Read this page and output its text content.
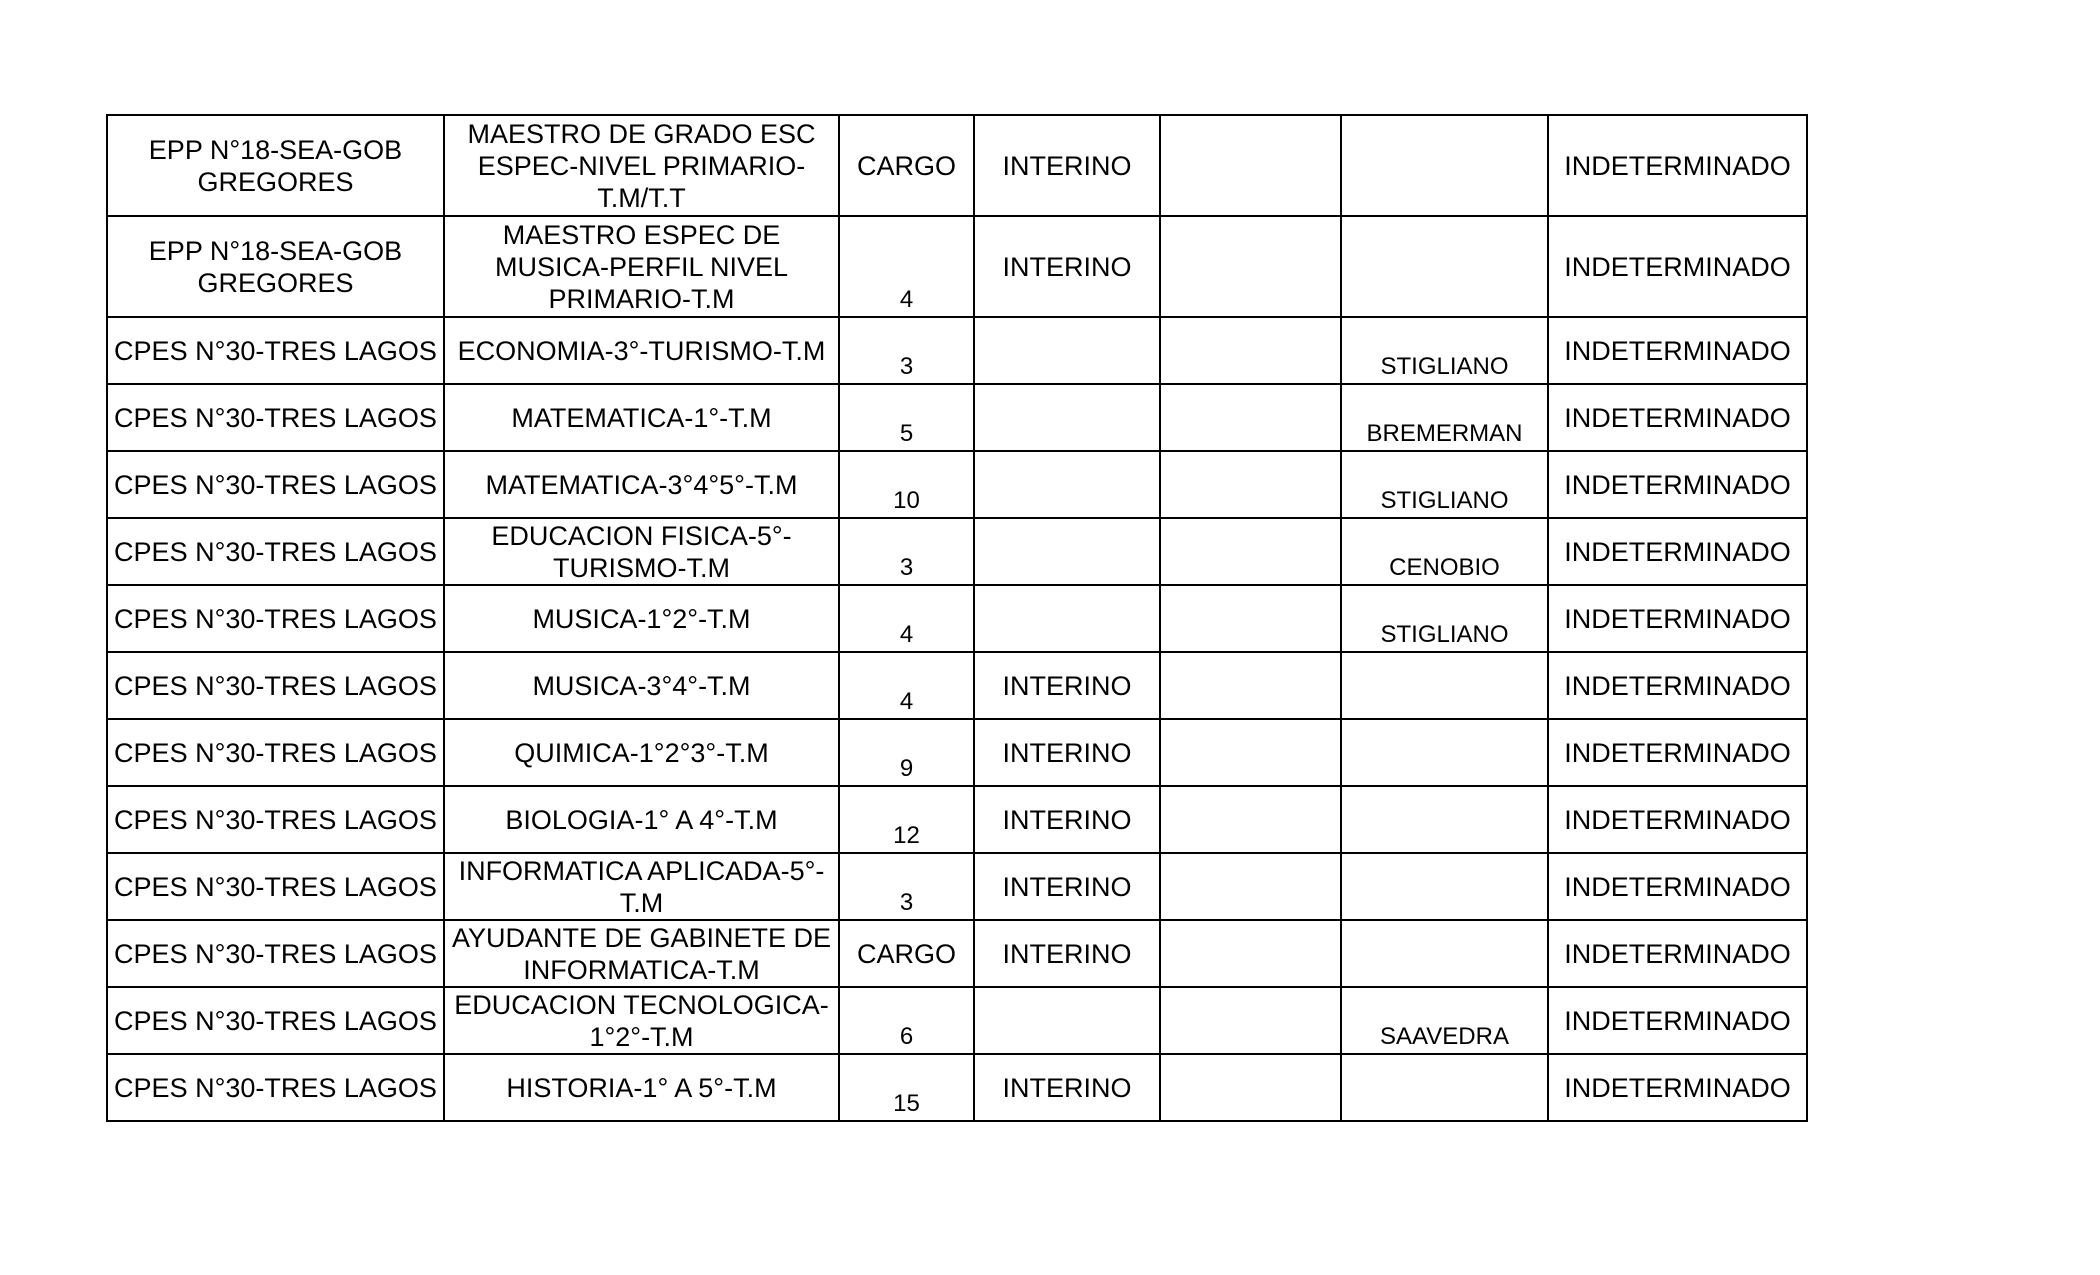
EPP N°18-SEA-GOB GREGORES	MAESTRO DE GRADO ESC ESPEC-NIVEL PRIMARIO-T.M/T.T	CARGO	INTERINO			INDETERMINADO
EPP N°18-SEA-GOB GREGORES	MAESTRO ESPEC DE MUSICA-PERFIL NIVEL PRIMARIO-T.M	4	INTERINO			INDETERMINADO
CPES N°30-TRES LAGOS	ECONOMIA-3°-TURISMO-T.M	3			STIGLIANO	INDETERMINADO
CPES N°30-TRES LAGOS	MATEMATICA-1°-T.M	5			BREMERMAN	INDETERMINADO
CPES N°30-TRES LAGOS	MATEMATICA-3°4°5°-T.M	10			STIGLIANO	INDETERMINADO
CPES N°30-TRES LAGOS	EDUCACION FISICA-5°-TURISMO-T.M	3			CENOBIO	INDETERMINADO
CPES N°30-TRES LAGOS	MUSICA-1°2°-T.M	4			STIGLIANO	INDETERMINADO
CPES N°30-TRES LAGOS	MUSICA-3°4°-T.M	4	INTERINO			INDETERMINADO
CPES N°30-TRES LAGOS	QUIMICA-1°2°3°-T.M	9	INTERINO			INDETERMINADO
CPES N°30-TRES LAGOS	BIOLOGIA-1° A 4°-T.M	12	INTERINO			INDETERMINADO
CPES N°30-TRES LAGOS	INFORMATICA APLICADA-5°-T.M	3	INTERINO			INDETERMINADO
CPES N°30-TRES LAGOS	AYUDANTE DE GABINETE DE INFORMATICA-T.M	CARGO	INTERINO			INDETERMINADO
CPES N°30-TRES LAGOS	EDUCACION TECNOLOGICA-1°2°-T.M	6			SAAVEDRA	INDETERMINADO
CPES N°30-TRES LAGOS	HISTORIA-1° A 5°-T.M	15	INTERINO			INDETERMINADO
